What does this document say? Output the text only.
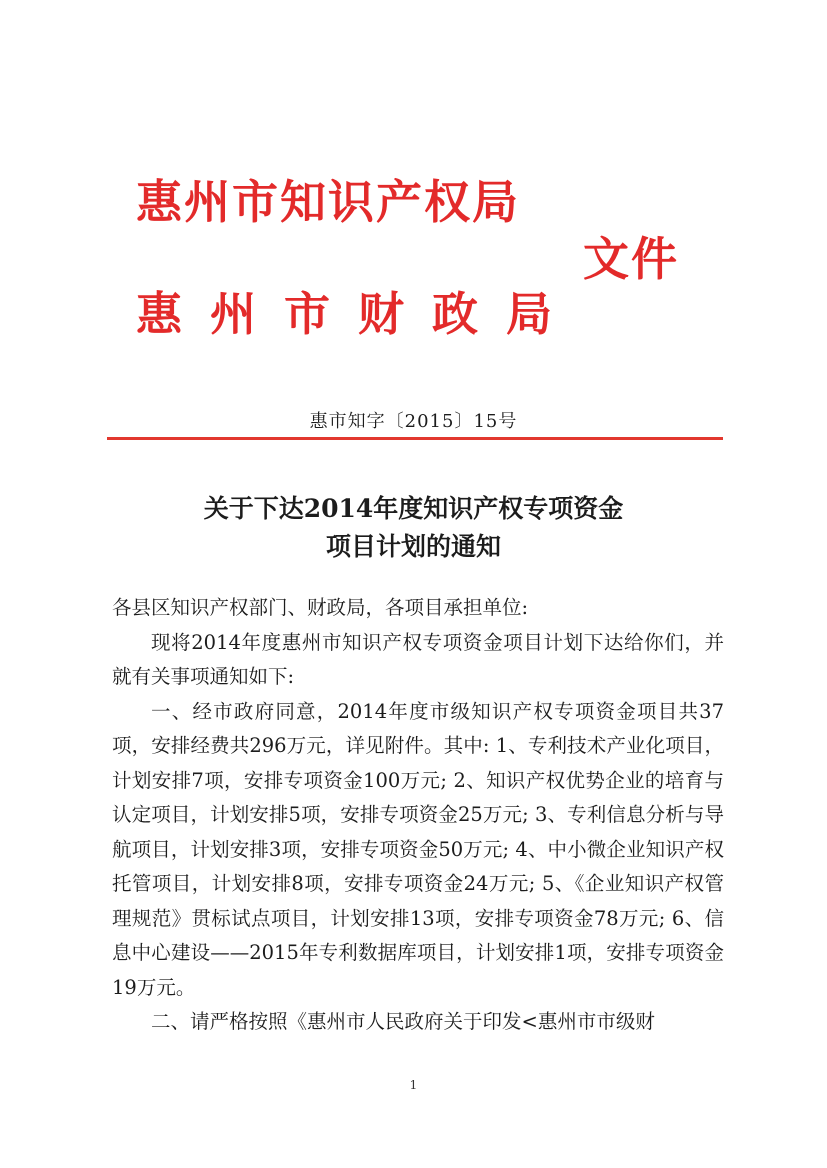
惠州市知识产权局
惠州市财政局
文件
惠市知字〔2015〕15号
关于下达2014年度知识产权专项资金
项目计划的通知

各县区知识产权部门、财政局，各项目承担单位:

现将2014年度惠州市知识产权专项资金项目计划下达给你们，并就有关事项通知如下:

一、经市政府同意，2014年度市级知识产权专项资金项目共37项，安排经费共296万元，详见附件。其中: 1、专利技术产业化项目，计划安排7项，安排专项资金100万元; 2、知识产权优势企业的培育与认定项目，计划安排5项，安排专项资金25万元; 3、专利信息分析与导航项目，计划安排3项，安排专项资金50万元; 4、中小微企业知识产权托管项目，计划安排8项，安排专项资金24万元; 5、《企业知识产权管理规范》贯标试点项目，计划安排13项，安排专项资金78万元; 6、信息中心建设——2015年专利数据库项目，计划安排1项，安排专项资金19万元。

二、请严格按照《惠州市人民政府关于印发<惠州市市级财

1
